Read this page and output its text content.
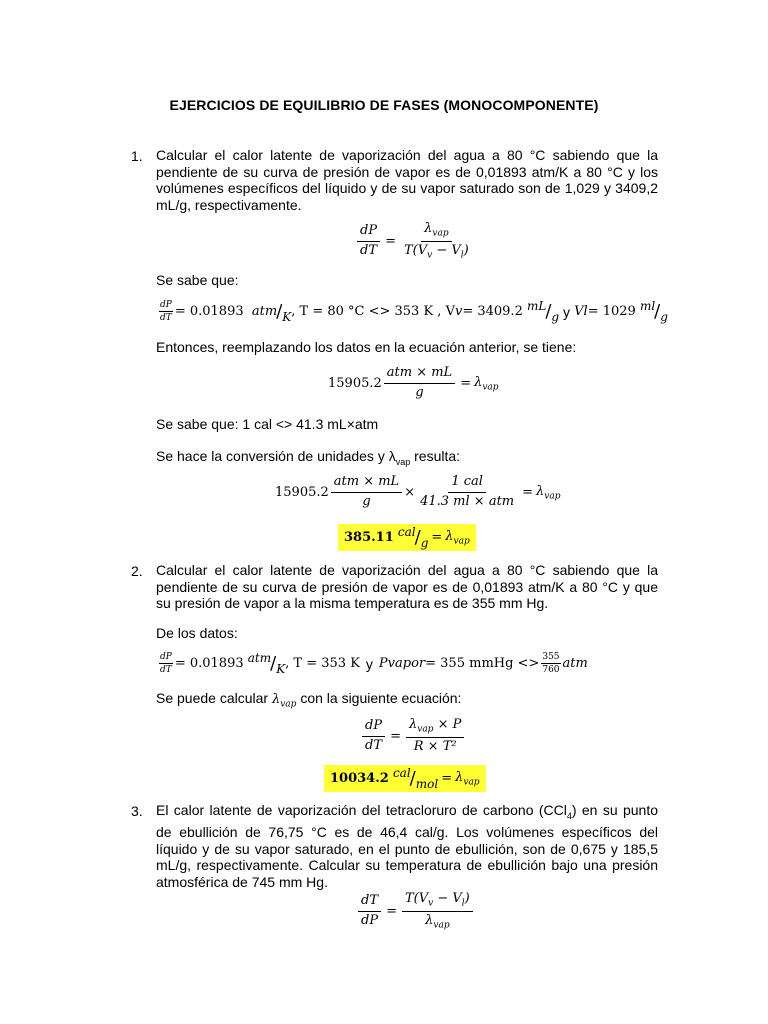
EJERCICIOS DE EQUILIBRIO DE FASES (MONOCOMPONENTE)
1. Calcular el calor latente de vaporización del agua a 80 °C sabiendo que la pendiente de su curva de presión de vapor es de 0,01893 atm/K a 80 °C y los volúmenes específicos del líquido y de su vapor saturado son de 1,029 y 3409,2 mL/g, respectivamente.
$\frac{dP}{dT} = \frac{\lambda_{vap}}{T(V_v - V_l)}$
Se sabe que:
$\frac{dP}{dT} = 0.01893$
atm / K , T = 80 °C <> 353 K , V v = 3409.2
mL / g y V l = 1029
ml / g
Entonces, reemplazando los datos en la ecuación anterior, se tiene:
$15905.2 \frac{\text{atm × mL}}{g} = \lambda_{vap}$
Se sabe que: 1 cal <> 41.3 mL×atm
Se hace la conversión de unidades y $\lambda_{vap}$ resulta:
$15905.2 \frac{\text{atm × mL}}{g} \times \frac{\text{1 cal}}{\text{41.3 ml × atm}} = \lambda_{vap}$
385.11
cal / $g = \lambda_{vap}$
2. Calcular el calor latente de vaporización del agua a 80 °C sabiendo que la pendiente de su curva de presión de vapor es de 0,01893 atm/K a 80 °C y que su presión de vapor a la misma temperatura es de 355 mm Hg.
De los datos:
$\frac{dP}{dT} = 0.01893$
atm / K , T = 353 K y P vapor = 355 mmHg <> $\frac{355}{760}$ atm
Se puede calcular $\lambda_{vap}$ con la siguiente ecuación:
$\frac{dP}{dT} = \frac{\lambda_{vap} \times P}{\text{R × T²}}$
10034.2
cal / mol = $\lambda_{vap}$
3. El calor latente de vaporización del tetracloruro de carbono (CCl$_4$) en su punto de ebullición de 76,75 °C es de 46,4 cal/g. Los volúmenes específicos del líquido y de su vapor saturado, en el punto de ebullición, son de 0,675 y 185,5 mL/g, respectivamente. Calcular su temperatura de ebullición bajo una presión atmosférica de 745 mm Hg.
$\frac{dT}{dP} = \frac{T(V_v - V_l)}{\lambda_{vap}}$
